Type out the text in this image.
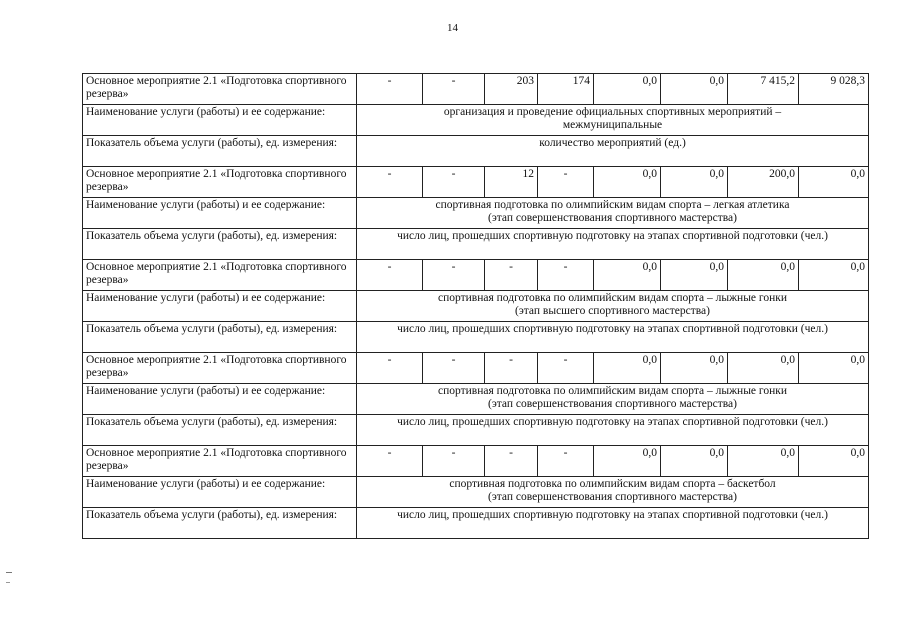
14
Основное мероприятие 2.1 «Подготовка спортивного резерва»	-	-	203	174	0,0	0,0	7 415,2	9 028,3
Наименование услуги (работы) и ее содержание:	организация и проведение официальных спортивных мероприятий –
межмуниципальные							

Показатель объема услуги (работы), ед. измерения:	количество мероприятий (ед.)							

Основное мероприятие 2.1 «Подготовка спортивного резерва»	-	-	12	-	0,0	0,0	200,0	0,0
Наименование услуги (работы) и ее содержание:	спортивная подготовка по олимпийским видам спорта – легкая атлетика
(этап совершенствования спортивного мастерства)							

Показатель объема услуги (работы), ед. измерения:	число лиц, прошедших спортивную подготовку на этапах спортивной подготовки (чел.)							

Основное мероприятие 2.1 «Подготовка спортивного резерва»	-	-	-	-	0,0	0,0	0,0	0,0
Наименование услуги (работы) и ее содержание:	спортивная подготовка по олимпийским видам спорта – лыжные гонки
(этап высшего спортивного мастерства)							

Показатель объема услуги (работы), ед. измерения:	число лиц, прошедших спортивную подготовку на этапах спортивной подготовки (чел.)							

Основное мероприятие 2.1 «Подготовка спортивного резерва»	-	-	-	-	0,0	0,0	0,0	0,0
Наименование услуги (работы) и ее содержание:	спортивная подготовка по олимпийским видам спорта – лыжные гонки
(этап совершенствования спортивного мастерства)							

Показатель объема услуги (работы), ед. измерения:	число лиц, прошедших спортивную подготовку на этапах спортивной подготовки (чел.)							

Основное мероприятие 2.1 «Подготовка спортивного резерва»	-	-	-	-	0,0	0,0	0,0	0,0
Наименование услуги (работы) и ее содержание:	спортивная подготовка по олимпийским видам спорта – баскетбол
(этап совершенствования спортивного мастерства)							

Показатель объема услуги (работы), ед. измерения:	число лиц, прошедших спортивную подготовку на этапах спортивной подготовки (чел.)							
